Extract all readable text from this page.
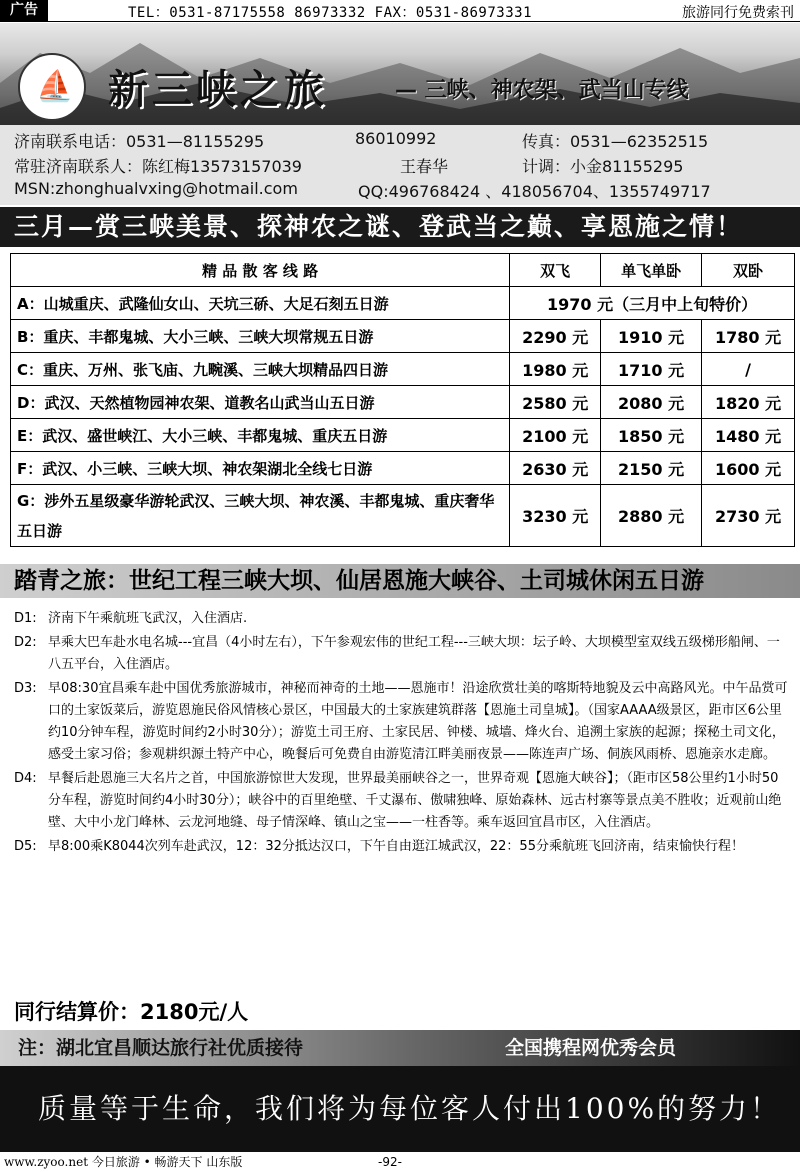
广告	TEL：0531-87175558 86973332 FAX：0531-86973331	旅游同行免费索刊
⛵ 新三峡之旅	— 三峡、神农架、武当山专线
济南联系电话：0531—81155295	86010992	传真：0531—62352515
常驻济南联系人：陈红梅13573157039	王春华	计调：小金81155295
MSN:zhonghualvxing@hotmail.com	QQ:496768424 、418056704、1355749717
三月—赏三峡美景、探神农之谜、登武当之巅、享恩施之情！
精 品 散 客 线 路	双飞	单飞单卧	双卧
A：山城重庆、武隆仙女山、天坑三硚、大足石刻五日游	1970 元（三月中上旬特价）		
B：重庆、丰都鬼城、大小三峡、三峡大坝常规五日游	2290 元	1910 元	1780 元
C：重庆、万州、张飞庙、九畹溪、三峡大坝精品四日游	1980 元	1710 元	/
D：武汉、天然植物园神农架、道教名山武当山五日游	2580 元	2080 元	1820 元
E：武汉、盛世峡江、大小三峡、丰都鬼城、重庆五日游	2100 元	1850 元	1480 元
F：武汉、小三峡、三峡大坝、神农架湖北全线七日游	2630 元	2150 元	1600 元
G：涉外五星级豪华游轮武汉、三峡大坝、神农溪、丰都鬼城、重庆奢华五日游	3230 元	2880 元	2730 元
踏青之旅：世纪工程三峡大坝、仙居恩施大峡谷、土司城休闲五日游
D1: 济南下午乘航班飞武汉，入住酒店.
D2: 早乘大巴车赴水电名城---宜昌（4小时左右），下午参观宏伟的世纪工程---三峡大坝：坛子岭、大坝模型室双线五级梯形船闸、一八五平台，入住酒店。
D3: 早08:30宜昌乘车赴中国优秀旅游城市，神秘而神奇的土地——恩施市！沿途欣赏壮美的喀斯特地貌及云中高路风光。中午品赏可口的土家饭菜后，游览恩施民俗风情核心景区，中国最大的土家族建筑群落【恩施土司皇城】。（国家AAAA级景区，距市区6公里约10分钟车程，游览时间约2小时30分）；游览土司王府、土家民居、钟楼、城墙、烽火台、追溯土家族的起源；探秘土司文化，感受土家习俗；参观耕织源土特产中心，晚餐后可免费自由游览清江畔美丽夜景——陈连声广场、侗族风雨桥、恩施亲水走廊。
D4: 早餐后赴恩施三大名片之首，中国旅游惊世大发现，世界最美丽峡谷之一，世界奇观【恩施大峡谷】；（距市区58公里约1小时50分车程，游览时间约4小时30分）；峡谷中的百里绝壁、千丈瀑布、傲啸独峰、原始森林、远古村寨等景点美不胜收；近观前山绝壁、大中小龙门峰林、云龙河地缝、母子情深峰、镇山之宝——一柱香等。乘车返回宜昌市区，入住酒店。
D5: 早8:00乘K8044次列车赴武汉，12：32分抵达汉口，下午自由逛江城武汉，22：55分乘航班飞回济南，结束愉快行程！
同行结算价：2180元/人
注：湖北宜昌顺达旅行社优质接待	全国携程网优秀会员
质量等于生命，我们将为每位客人付出100%的努力！
www.zyoo.net 今日旅游 • 畅游天下 山东版	-92-
